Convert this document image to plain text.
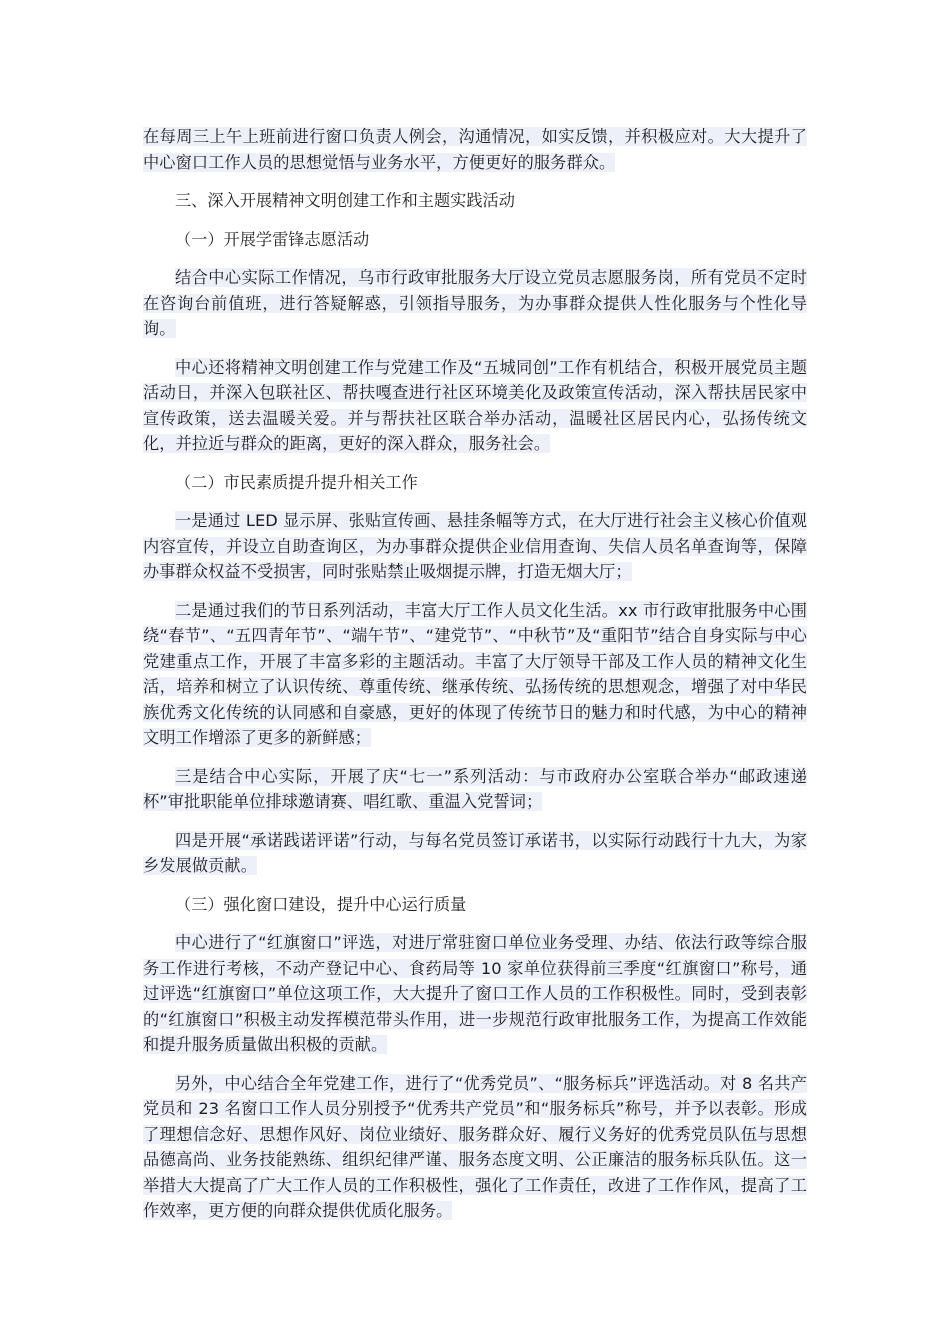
在每周三上午上班前进行窗口负责人例会，沟通情况，如实反馈，并积极应对。大大提升了中心窗口工作人员的思想觉悟与业务水平，方便更好的服务群众。

三、深入开展精神文明创建工作和主题实践活动

（一）开展学雷锋志愿活动

结合中心实际工作情况，乌市行政审批服务大厅设立党员志愿服务岗，所有党员不定时在咨询台前值班，进行答疑解惑，引领指导服务，为办事群众提供人性化服务与个性化导询。

中心还将精神文明创建工作与党建工作及“五城同创”工作有机结合，积极开展党员主题活动日，并深入包联社区、帮扶嘎查进行社区环境美化及政策宣传活动，深入帮扶居民家中宣传政策，送去温暖关爱。并与帮扶社区联合举办活动，温暖社区居民内心，弘扬传统文化，并拉近与群众的距离，更好的深入群众，服务社会。

（二）市民素质提升提升相关工作

一是通过 LED 显示屏、张贴宣传画、悬挂条幅等方式，在大厅进行社会主义核心价值观内容宣传，并设立自助查询区，为办事群众提供企业信用查询、失信人员名单查询等，保障办事群众权益不受损害，同时张贴禁止吸烟提示牌，打造无烟大厅；

二是通过我们的节日系列活动，丰富大厅工作人员文化生活。xx 市行政审批服务中心围绕“春节”、“五四青年节”、“端午节”、“建党节”、“中秋节”及“重阳节”结合自身实际与中心党建重点工作，开展了丰富多彩的主题活动。丰富了大厅领导干部及工作人员的精神文化生活，培养和树立了认识传统、尊重传统、继承传统、弘扬传统的思想观念，增强了对中华民族优秀文化传统的认同感和自豪感，更好的体现了传统节日的魅力和时代感，为中心的精神文明工作增添了更多的新鲜感；

三是结合中心实际，开展了庆“七一”系列活动：与市政府办公室联合举办“邮政速递杯”审批职能单位排球邀请赛、唱红歌、重温入党誓词；

四是开展“承诺践诺评诺”行动，与每名党员签订承诺书，以实际行动践行十九大，为家乡发展做贡献。

（三）强化窗口建设，提升中心运行质量

中心进行了“红旗窗口”评选，对进厅常驻窗口单位业务受理、办结、依法行政等综合服务工作进行考核，不动产登记中心、食药局等 10 家单位获得前三季度“红旗窗口”称号，通过评选“红旗窗口”单位这项工作，大大提升了窗口工作人员的工作积极性。同时，受到表彰的“红旗窗口”积极主动发挥模范带头作用，进一步规范行政审批服务工作，为提高工作效能和提升服务质量做出积极的贡献。

另外，中心结合全年党建工作，进行了“优秀党员”、“服务标兵”评选活动。对 8 名共产党员和 23 名窗口工作人员分别授予“优秀共产党员”和“服务标兵”称号，并予以表彰。形成了理想信念好、思想作风好、岗位业绩好、服务群众好、履行义务好的优秀党员队伍与思想品德高尚、业务技能熟练、组织纪律严谨、服务态度文明、公正廉洁的服务标兵队伍。这一举措大大提高了广大工作人员的工作积极性，强化了工作责任，改进了工作作风，提高了工作效率，更方便的向群众提供优质化服务。
